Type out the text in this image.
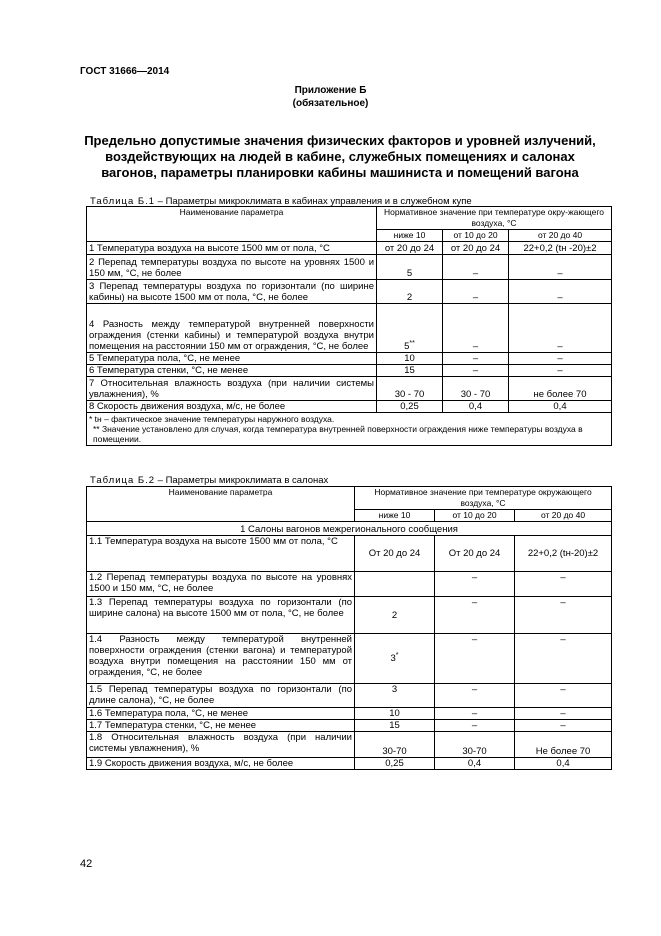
ГОСТ 31666—2014
Приложение Б
(обязательное)
Предельно допустимые значения физических факторов и уровней излучений,
воздействующих на людей в кабине, служебных помещениях и салонах
вагонов, параметры планировки кабины машиниста и помещений вагона
Таблица Б.1 – Параметры микроклимата в кабинах управления и в служебном купе
Наименование параметра	Нормативное значение при температуре окру-жающего воздуха, °С		
	ниже 10	от 10 до 20	от 20 до 40
1 Температура воздуха на высоте 1500 мм от пола, °С	от 20 до 24	от 20 до 24	22+0,2 (tн -20)±2
2 Перепад температуры воздуха по высоте на уровнях 1500 и 150 мм, °С, не более	5	–	–
3 Перепад температуры воздуха по горизонтали (по ширине кабины) на высоте 1500 мм от пола, °С, не более	2	–	–
4 Разность между температурой внутренней поверхности ограждения (стенки кабины) и температурой воздуха внутри помещения на расстоянии 150 мм от ограждения, °С, не более	5**	–	–
5 Температура пола, °С, не менее	10	–	–
6 Температура стенки, °С, не менее	15	–	–
7 Относительная влажность воздуха (при наличии системы увлажнения), %	30 - 70	30 - 70	не более 70
8 Скорость движения воздуха, м/с, не более	0,25	0,4	0,4

* tн – фактическое значение температуры наружного воздуха.
** Значение установлено для случая, когда температура внутренней поверхности ограждения ниже температуры воздуха в помещении.			
Таблица Б.2 – Параметры микроклимата в салонах
Наименование параметра	Нормативное значение при температуре окружающего воздуха, °С		
	ниже 10	от 10 до 20	от 20 до 40
1 Салоны вагонов межрегионального сообщения			
1.1 Температура воздуха на высоте 1500 мм от пола, °С	От 20 до 24	От 20 до 24	22+0,2 (tн-20)±2
1.2 Перепад температуры воздуха по высоте на уровнях 1500 и 150 мм, °С, не более		–	–
1.3 Перепад температуры воздуха по горизонтали (по ширине салона) на высоте 1500 мм от пола, °С, не более	2	–	–
1.4 Разность между температурой внутренней поверхности ограждения (стенки вагона) и температурой воздуха внутри помещения на расстоянии 150 мм от ограждения, °С, не более	3*	–	–
1.5 Перепад температуры воздуха по горизонтали (по длине салона), °С, не более	3	–	–
1.6 Температура пола, °С, не менее	10	–	–
1.7 Температура стенки, °С, не менее	15	–	–
1.8 Относительная влажность воздуха (при наличии системы увлажнения), %	30-70	30-70	Не более 70
1.9 Скорость движения воздуха, м/с, не более	0,25	0,4	0,4
42
